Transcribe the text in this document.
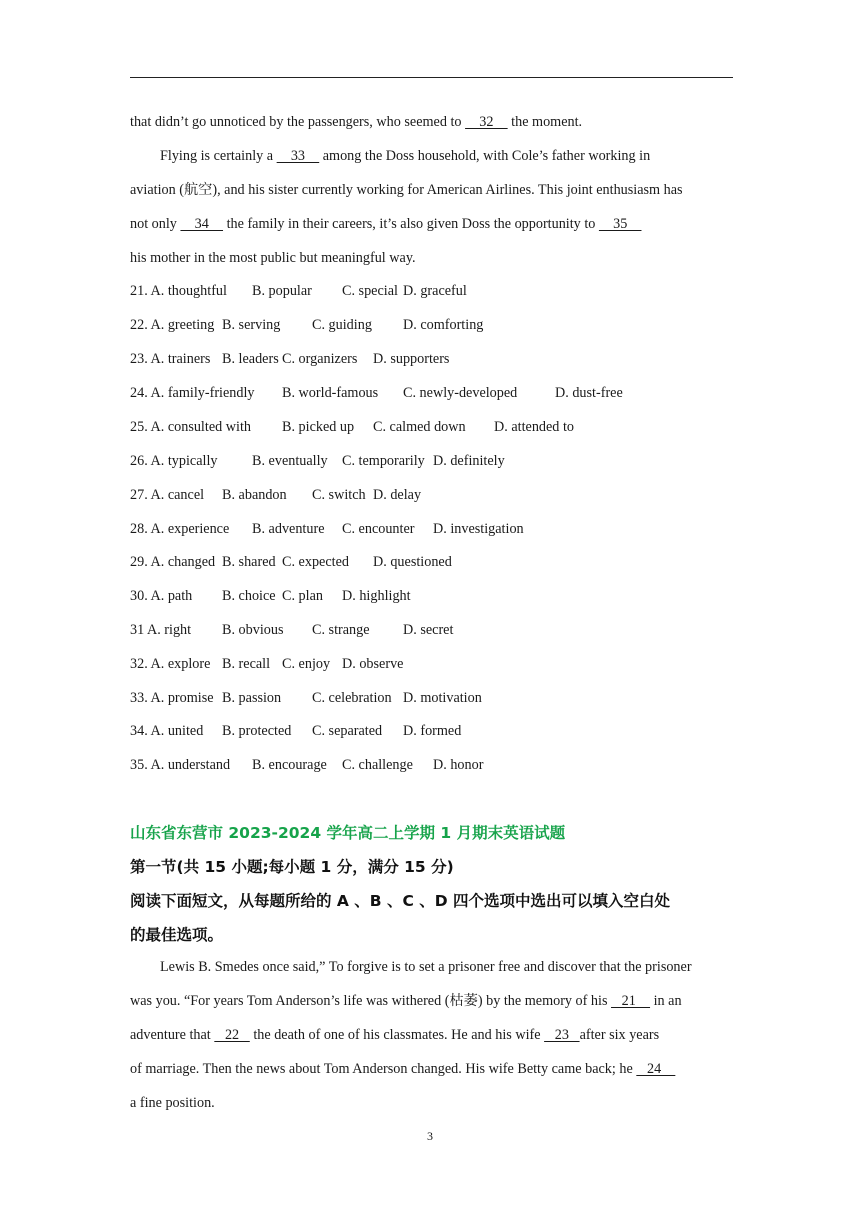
that didn’t go unnoticed by the passengers, who seemed to     32     the moment.
Flying is certainly a     33     among the Doss household, with Cole’s father working in
aviation (航空), and his sister currently working for American Airlines. This joint enthusiasm has
not only     34     the family in their careers, it’s also given Doss the opportunity to     35
his mother in the most public but meaningful way.
21. A. thoughtful B. popular C. special D. graceful
22. A. greeting B. serving C. guiding D. comforting
23. A. trainers B. leaders C. organizers D. supporters
24. A. family-friendly B. world-famous C. newly-developed	D. dust-free
25. A. consulted with B. picked up C. calmed down D. attended to
26. A. typically B. eventually C. temporarily D. definitely
27. A. cancel B. abandon C. switch D. delay
28. A. experience B. adventure C. encounter D. investigation
29. A. changed B. shared C. expected D. questioned
30. A. path B. choice C. plan D. highlight
31 A. right B. obvious C. strange D. secret
32. A. explore B. recall C. enjoy D. observe
33. A. promise B. passion C. celebration D. motivation
34. A. united B. protected C. separated D. formed
35. A. understand B. encourage C. challenge D. honor
山东省东营市 2023-2024 学年高二上学期 1 月期末英语试题
第一节(共 15 小题;每小题 1 分，满分 15 分)
阅读下面短文，从每题所给的 A 、B 、C 、D 四个选项中选出可以填入空白处
的最佳选项。
Lewis B. Smedes once said,” To forgive is to set a prisoner free and discover that the prisoner
was you. “For years Tom Anderson’s life was withered (枯萎) by the memory of his    21     in an
adventure that    22    the death of one of his classmates. He and his wife    23   after six years
of marriage. Then the news about Tom Anderson changed. His wife Betty came back; he    24
a fine position.
3
